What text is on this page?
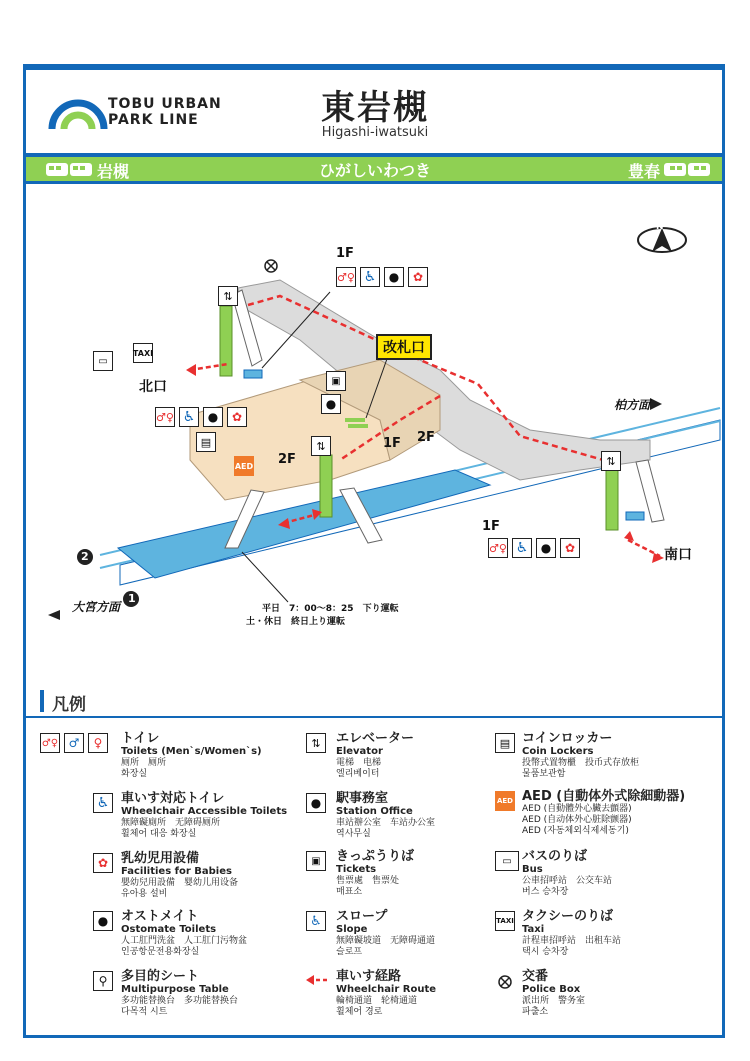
TOBU URBAN
PARK LINE	東岩槻
Higashi-iwatsuki
岩槻	ひがしいわつき	豊春
1F
1F
1F
2F
2F
改札口
北口
南口
柏方面
大宮方面
2
1
N
平日　7：00～8：25　下り運転
土・休日　終日上り運転
♂♀ ♿ ● ✿
▭
TAXI
⇅
⇅
⇅
▣
●
♂♀ ♿ ● ✿
▤
AED
♂♀ ♿ ● ✿
凡例
♂♀ ♂ ♀ トイレ
Toilets (Men`s/Women`s)
厕所　厕所
화장실
♿ 車いす対応トイレ
Wheelchair Accessible Toilets
無障礙廁所　无障碍厕所
휠체어 대응 화장실
✿ 乳幼児用設備
Facilities for Babies
嬰幼兒用設備　婴幼儿用设备
유아용 설비
● オストメイト
Ostomate Toilets
人工肛門洗盆　人工肛门污物盆
인공항문전용화장실
⚲ 多目的シート
Multipurpose Table
多功能替換台　多功能替换台
다목적 시트
⇅ エレベーター
Elevator
電梯　电梯
엘리베이터
● 駅事務室
Station Office
車站辦公室　车站办公室
역사무실
▣ きっぷうりば
Tickets
售票處　售票处
매표소
♿ スロープ
Slope
無障礙坡道　无障碍通道
슬로프
車いす経路
Wheelchair Route
輪椅通道　轮椅通道
휠체어 경로
▤ コインロッカー
Coin Lockers
投幣式置物櫃　投币式存放柜
물품보관함
AED AED (自動体外式除細動器)
AED (自動體外心臟去顫器)
AED (自动体外心脏除颤器)
AED (자동체외식제세동기)
▭ バスのりば
Bus
公車招呼站　公交车站
버스 승차장
TAXI タクシーのりば
Taxi
計程車招呼站　出租车站
택시 승차장
交番
Police Box
派出所　警务室
파출소
